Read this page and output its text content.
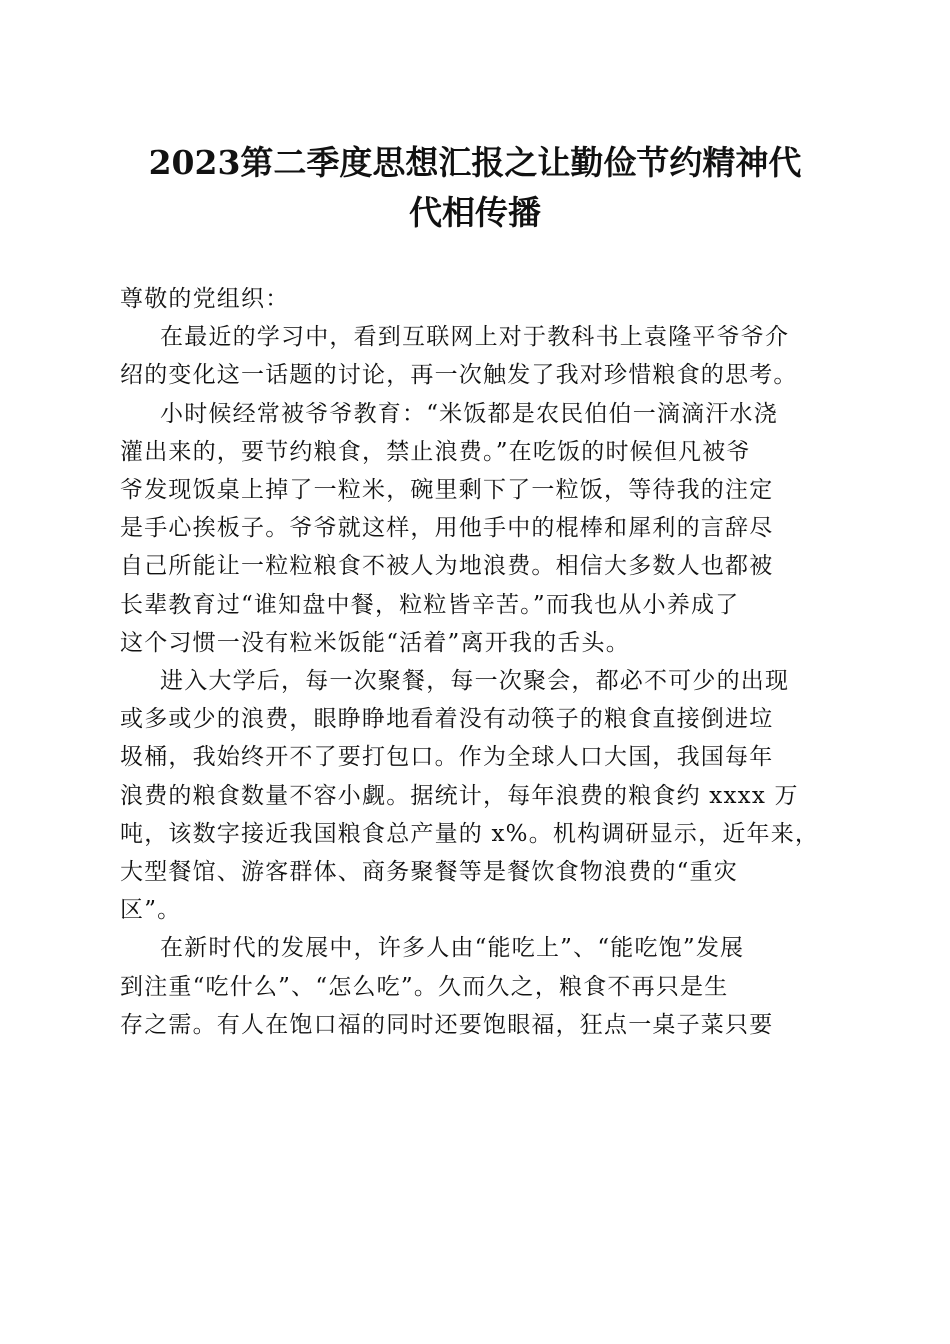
2023第二季度思想汇报之让勤俭节约精神代
代相传播

尊敬的党组织：

在最近的学习中，看到互联网上对于教科书上袁隆平爷爷介
绍的变化这一话题的讨论，再一次触发了我对珍惜粮食的思考。

小时候经常被爷爷教育：“米饭都是农民伯伯一滴滴汗水浇
灌出来的，要节约粮食，禁止浪费。”在吃饭的时候但凡被爷
爷发现饭桌上掉了一粒米，碗里剩下了一粒饭，等待我的注定
是手心挨板子。爷爷就这样，用他手中的棍棒和犀利的言辞尽
自己所能让一粒粒粮食不被人为地浪费。相信大多数人也都被
长辈教育过“谁知盘中餐，粒粒皆辛苦。”而我也从小养成了
这个习惯一没有粒米饭能“活着”离开我的舌头。

进入大学后，每一次聚餐，每一次聚会，都必不可少的出现
或多或少的浪费，眼睁睁地看着没有动筷子的粮食直接倒进垃
圾桶，我始终开不了要打包口。作为全球人口大国，我国每年
浪费的粮食数量不容小觑。据统计，每年浪费的粮食约 xxxx 万
吨，该数字接近我国粮食总产量的 x%。机构调研显示，近年来，
大型餐馆、游客群体、商务聚餐等是餐饮食物浪费的“重灾
区”。

在新时代的发展中，许多人由“能吃上”、“能吃饱”发展
到注重“吃什么”、“怎么吃”。久而久之，粮食不再只是生
存之需。有人在饱口福的同时还要饱眼福，狂点一桌子菜只要
